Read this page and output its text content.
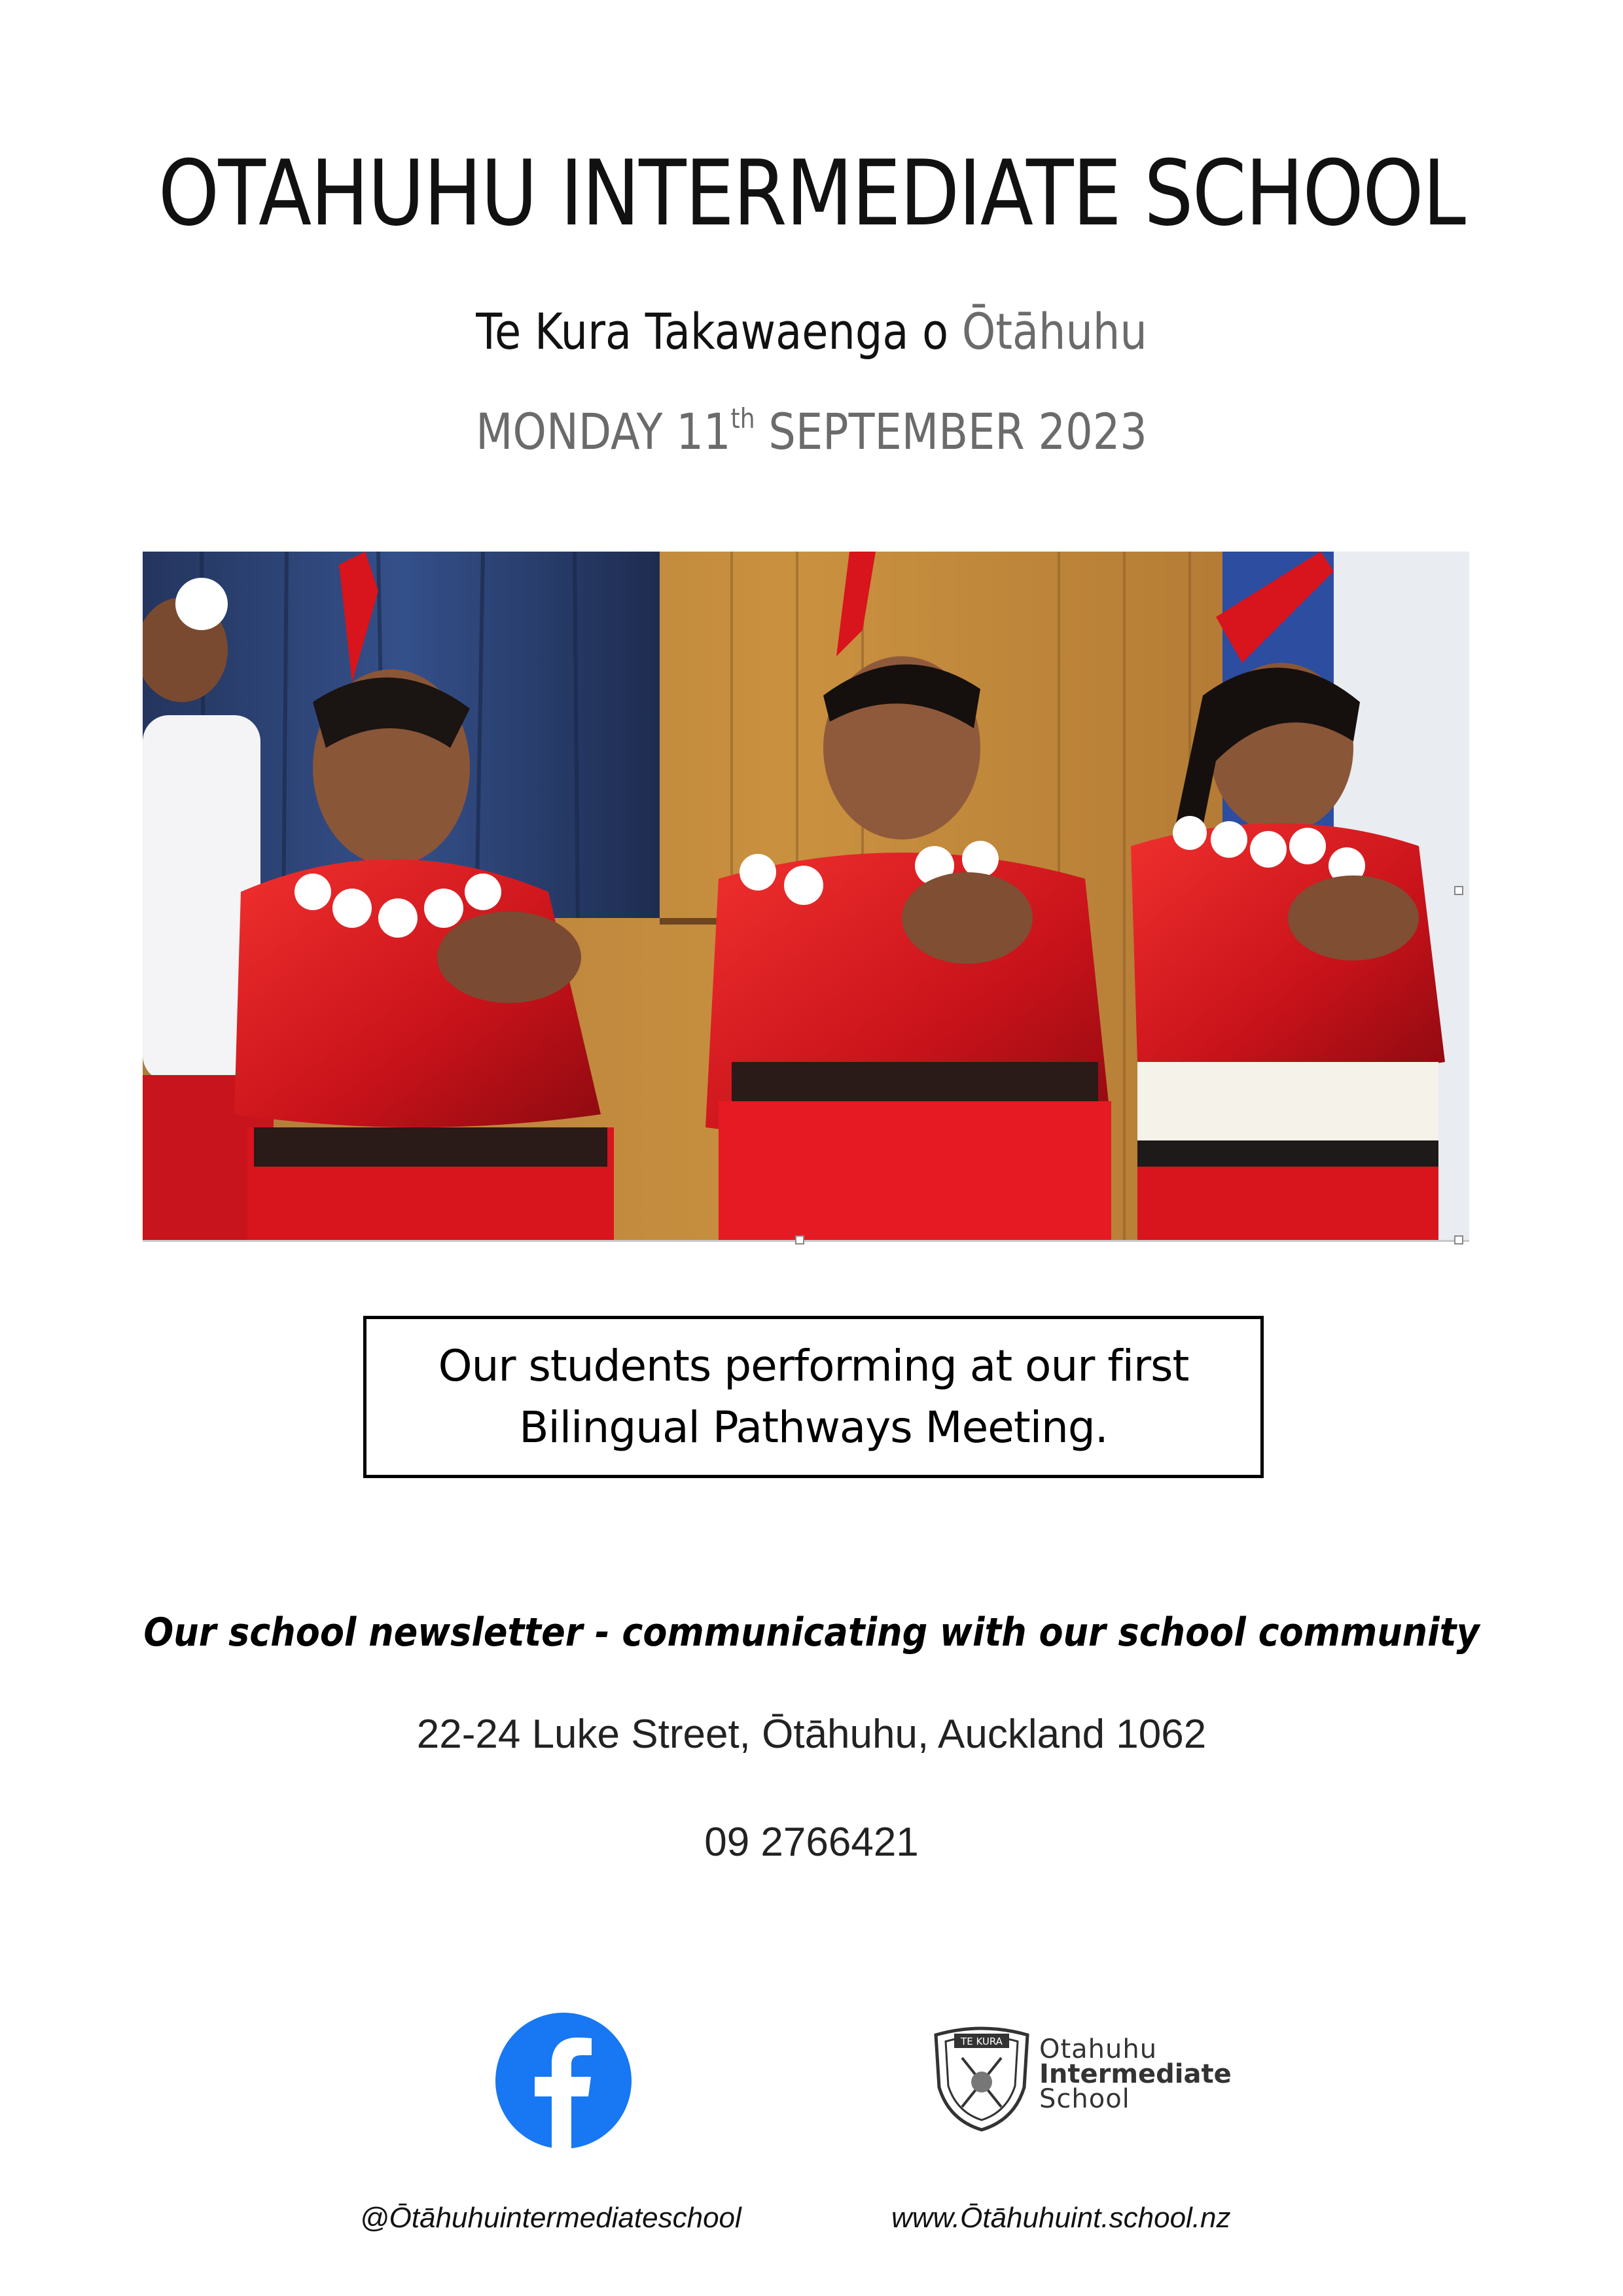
OTAHUHU INTERMEDIATE SCHOOL
Te Kura Takawaenga o Ōtāhuhu
MONDAY 11th SEPTEMBER 2023
Our students performing at our first
Bilingual Pathways Meeting.
Our school newsletter - communicating with our school community
22-24 Luke Street, Ōtāhuhu, Auckland 1062
09 2766421
TE KURA Otahuhu
Intermediate
School
@Ōtāhuhuintermediateschool	www.Ōtāhuhuint.school.nz
